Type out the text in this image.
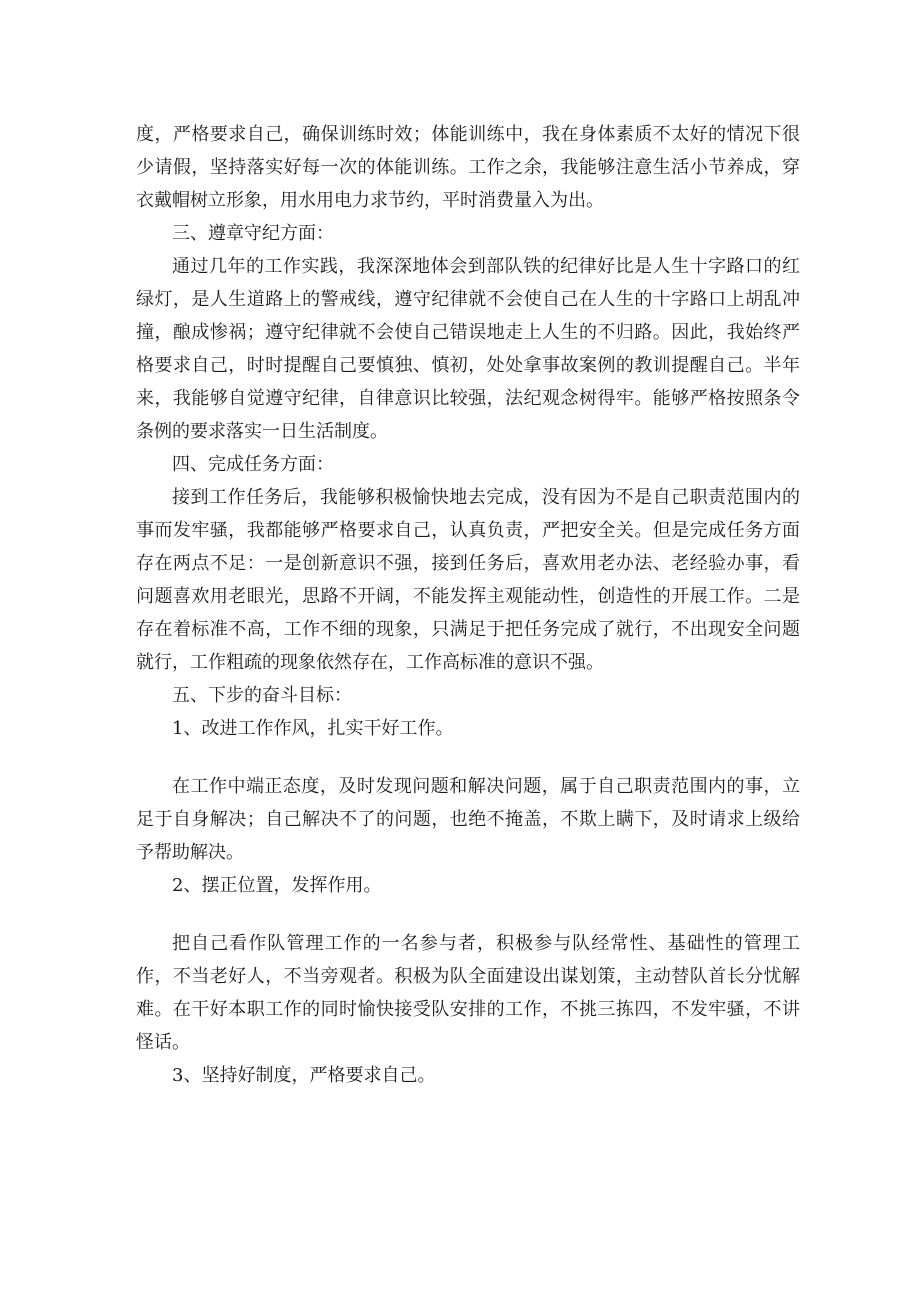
度，严格要求自己，确保训练时效；体能训练中，我在身体素质不太好的情况下很少请假，坚持落实好每一次的体能训练。工作之余，我能够注意生活小节养成，穿衣戴帽树立形象，用水用电力求节约，平时消费量入为出。

三、遵章守纪方面：

通过几年的工作实践，我深深地体会到部队铁的纪律好比是人生十字路口的红绿灯，是人生道路上的警戒线，遵守纪律就不会使自己在人生的十字路口上胡乱冲撞，酿成惨祸；遵守纪律就不会使自己错误地走上人生的不归路。因此，我始终严格要求自己，时时提醒自己要慎独、慎初，处处拿事故案例的教训提醒自己。半年来，我能够自觉遵守纪律，自律意识比较强，法纪观念树得牢。能够严格按照条令条例的要求落实一日生活制度。

四、完成任务方面：

接到工作任务后，我能够积极愉快地去完成，没有因为不是自己职责范围内的事而发牢骚，我都能够严格要求自己，认真负责，严把安全关。但是完成任务方面存在两点不足：一是创新意识不强，接到任务后，喜欢用老办法、老经验办事，看问题喜欢用老眼光，思路不开阔，不能发挥主观能动性，创造性的开展工作。二是存在着标准不高，工作不细的现象，只满足于把任务完成了就行，不出现安全问题就行，工作粗疏的现象依然存在，工作高标准的意识不强。

五、下步的奋斗目标：

1、改进工作作风，扎实干好工作。

在工作中端正态度，及时发现问题和解决问题，属于自己职责范围内的事，立足于自身解决；自己解决不了的问题，也绝不掩盖，不欺上瞒下，及时请求上级给予帮助解决。

2、摆正位置，发挥作用。

把自己看作队管理工作的一名参与者，积极参与队经常性、基础性的管理工作，不当老好人，不当旁观者。积极为队全面建设出谋划策，主动替队首长分忧解难。在干好本职工作的同时愉快接受队安排的工作，不挑三拣四，不发牢骚，不讲怪话。

3、坚持好制度，严格要求自己。
